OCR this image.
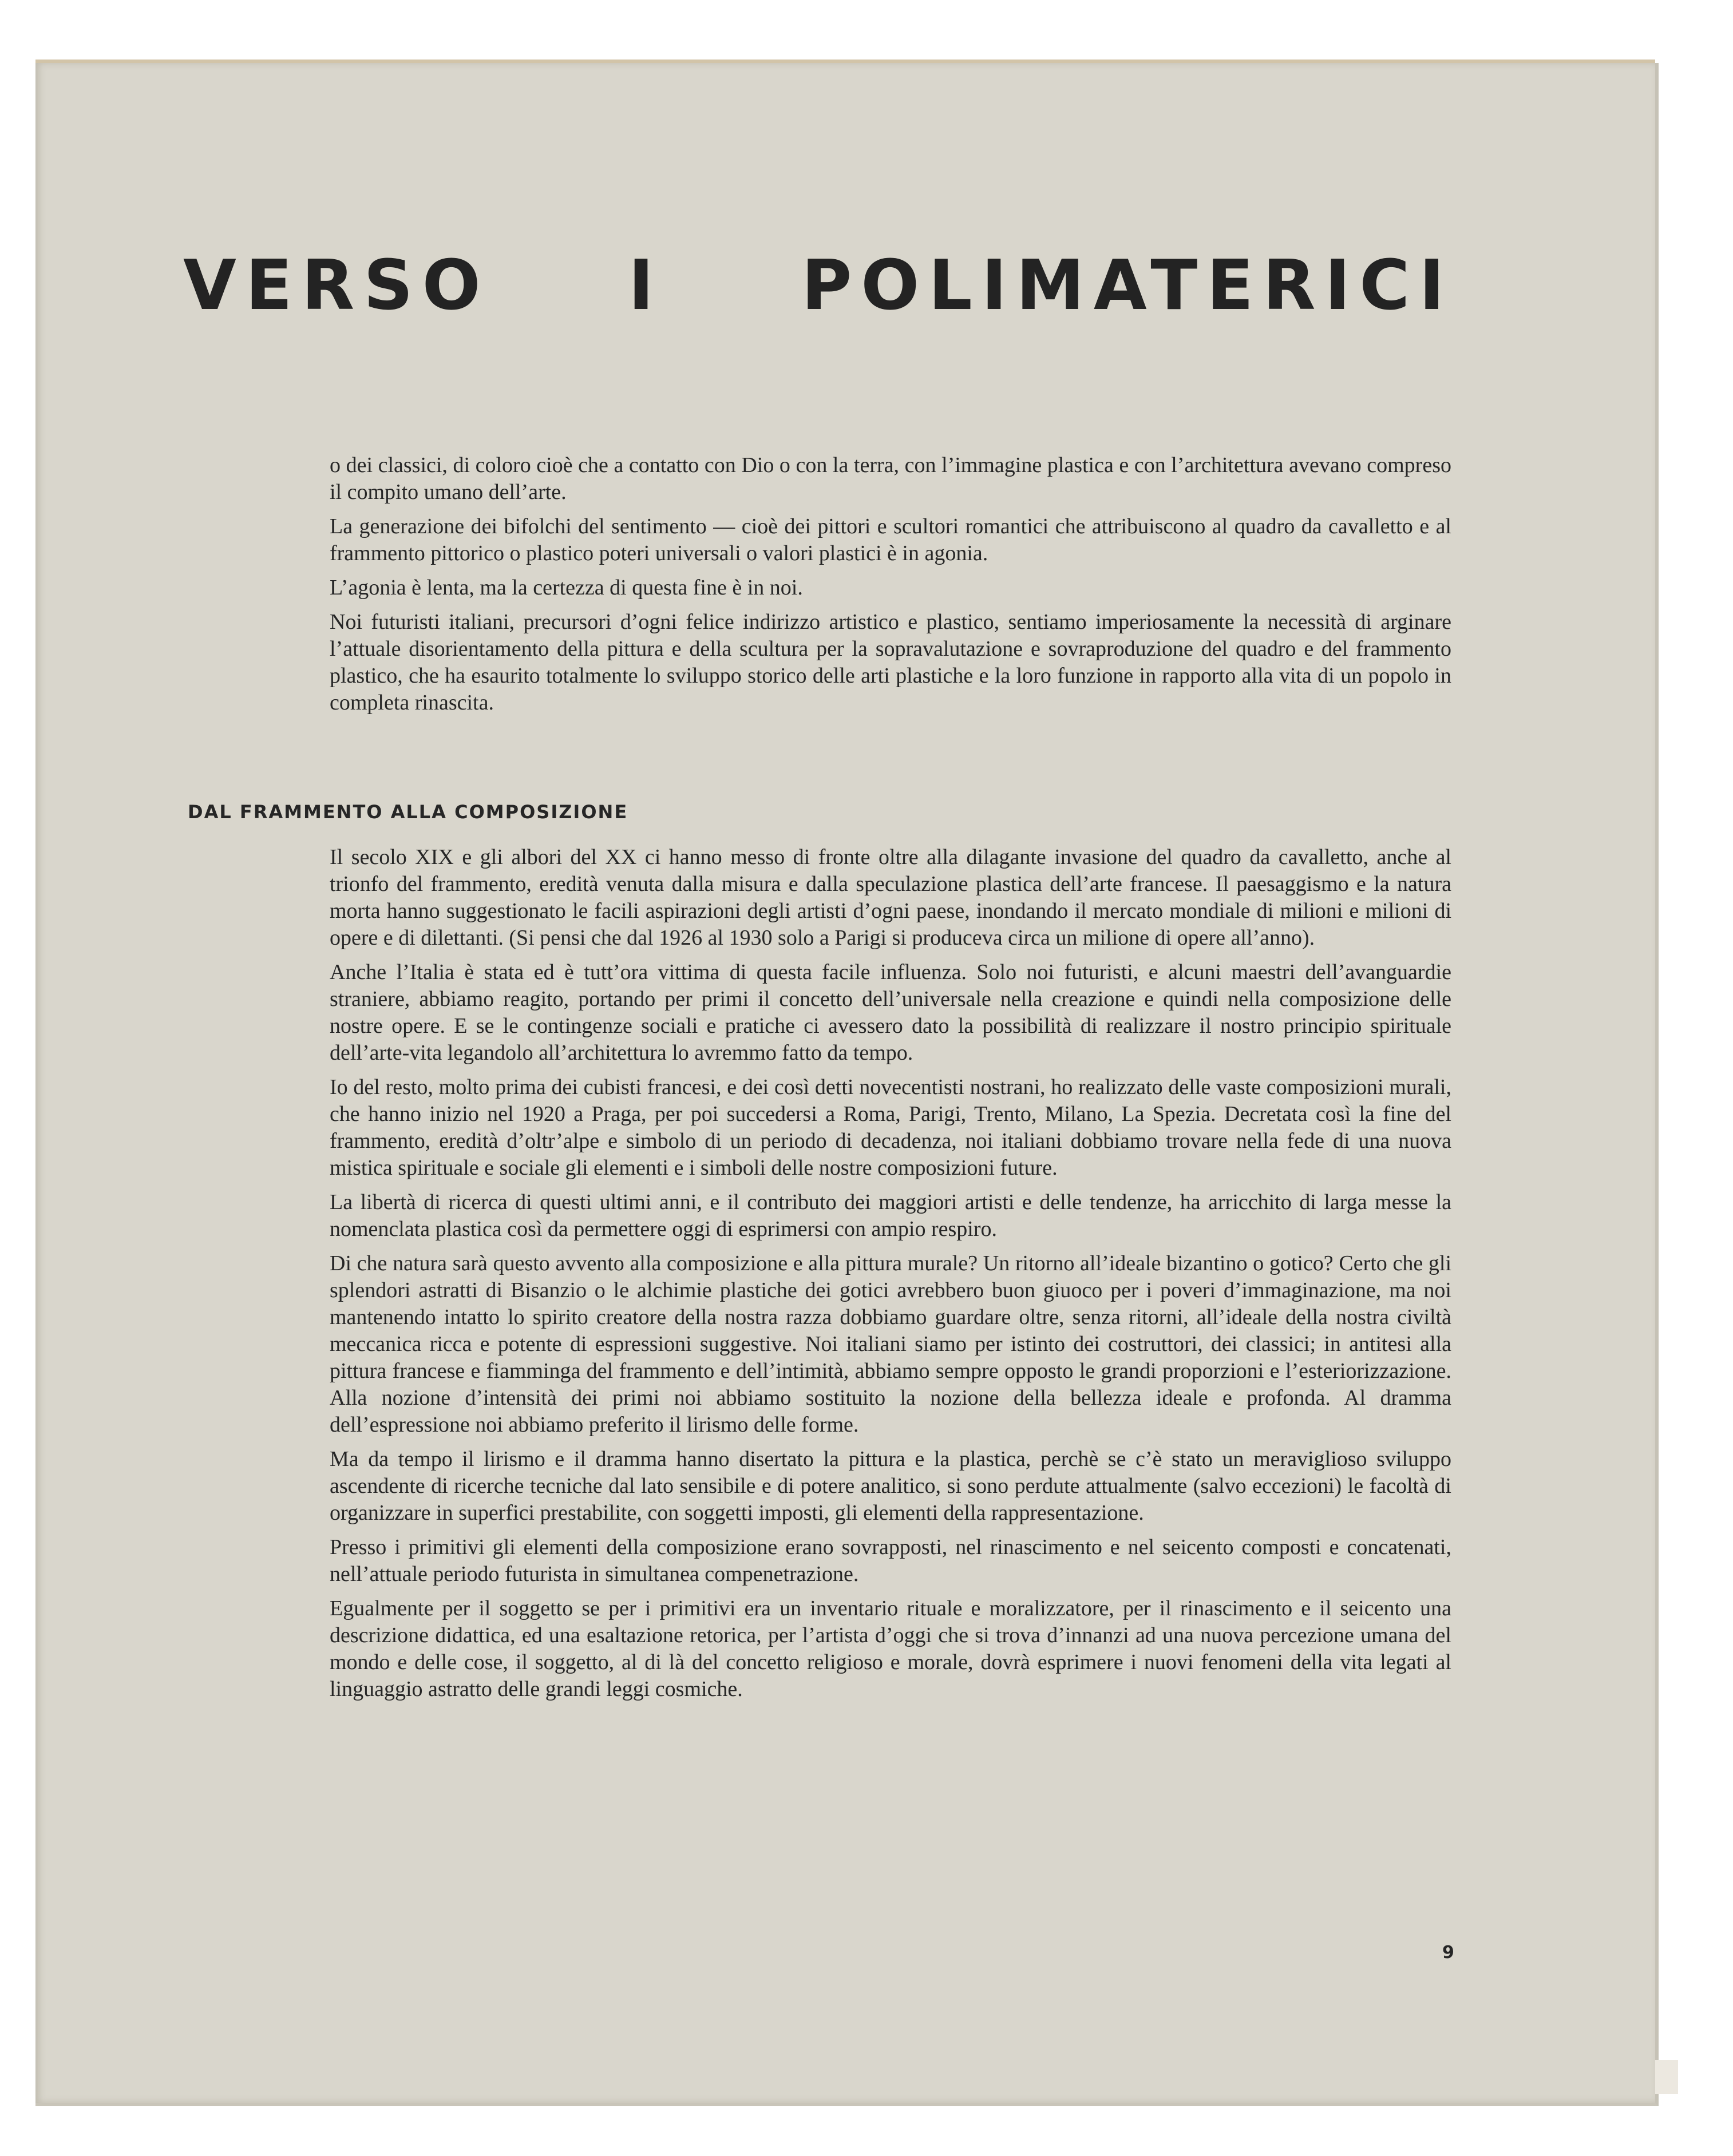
VERSO I POLIMATERICI

o dei classici, di coloro cioè che a contatto con Dio o con la terra, con l’immagine plastica e con l’architettura avevano compreso il compito umano dell’arte.

La generazione dei bifolchi del sentimento — cioè dei pittori e scultori romantici che attribuiscono al quadro da cavalletto e al frammento pittorico o plastico poteri universali o valori plastici è in agonia.

L’agonia è lenta, ma la certezza di questa fine è in noi.

Noi futuristi italiani, precursori d’ogni felice indirizzo artistico e plastico, sentiamo imperiosamente la necessità di arginare l’attuale disorientamento della pittura e della scultura per la sopravalutazione e sovraproduzione del quadro e del frammento plastico, che ha esaurito totalmente lo sviluppo storico delle arti plastiche e la loro funzione in rapporto alla vita di un popolo in completa rinascita.

DAL FRAMMENTO ALLA COMPOSIZIONE

Il secolo XIX e gli albori del XX ci hanno messo di fronte oltre alla dilagante invasione del quadro da cavalletto, anche al trionfo del frammento, eredità venuta dalla misura e dalla speculazione plastica dell’arte francese. Il paesaggismo e la natura morta hanno suggestionato le facili aspirazioni degli artisti d’ogni paese, inondando il mercato mondiale di milioni e milioni di opere e di dilettanti. (Si pensi che dal 1926 al 1930 solo a Parigi si produceva circa un milione di opere all’anno).

Anche l’Italia è stata ed è tutt’ora vittima di questa facile influenza. Solo noi futuristi, e alcuni maestri dell’avanguardie straniere, abbiamo reagito, portando per primi il concetto dell’universale nella creazione e quindi nella composizione delle nostre opere. E se le contingenze sociali e pratiche ci avessero dato la possibilità di realizzare il nostro principio spirituale dell’arte-vita legandolo all’architettura lo avremmo fatto da tempo.

Io del resto, molto prima dei cubisti francesi, e dei così detti novecentisti nostrani, ho realizzato delle vaste composizioni murali, che hanno inizio nel 1920 a Praga, per poi succedersi a Roma, Parigi, Trento, Milano, La Spezia. Decretata così la fine del frammento, eredità d’oltr’alpe e simbolo di un periodo di decadenza, noi italiani dobbiamo trovare nella fede di una nuova mistica spirituale e sociale gli elementi e i simboli delle nostre composizioni future.

La libertà di ricerca di questi ultimi anni, e il contributo dei maggiori artisti e delle tendenze, ha arricchito di larga messe la nomenclata plastica così da permettere oggi di esprimersi con ampio respiro.

Di che natura sarà questo avvento alla composizione e alla pittura murale? Un ritorno all’ideale bizantino o gotico? Certo che gli splendori astratti di Bisanzio o le alchimie plastiche dei gotici avrebbero buon giuoco per i poveri d’immaginazione, ma noi mantenendo intatto lo spirito creatore della nostra razza dobbiamo guardare oltre, senza ritorni, all’ideale della nostra civiltà meccanica ricca e potente di espressioni suggestive. Noi italiani siamo per istinto dei costruttori, dei classici; in antitesi alla pittura francese e fiamminga del frammento e dell’intimità, abbiamo sempre opposto le grandi proporzioni e l’esteriorizzazione. Alla nozione d’intensità dei primi noi abbiamo sostituito la nozione della bellezza ideale e profonda. Al dramma dell’espressione noi abbiamo preferito il lirismo delle forme.

Ma da tempo il lirismo e il dramma hanno disertato la pittura e la plastica, perchè se c’è stato un meraviglioso sviluppo ascendente di ricerche tecniche dal lato sensibile e di potere analitico, si sono perdute attualmente (salvo eccezioni) le facoltà di organizzare in superfici prestabilite, con soggetti imposti, gli elementi della rappresentazione.

Presso i primitivi gli elementi della composizione erano sovrapposti, nel rinascimento e nel seicento composti e concatenati, nell’attuale periodo futurista in simultanea compenetrazione.

Egualmente per il soggetto se per i primitivi era un inventario rituale e moralizzatore, per il rinascimento e il seicento una descrizione didattica, ed una esaltazione retorica, per l’artista d’oggi che si trova d’innanzi ad una nuova percezione umana del mondo e delle cose, il soggetto, al di là del concetto religioso e morale, dovrà esprimere i nuovi fenomeni della vita legati al linguaggio astratto delle grandi leggi cosmiche.

9
